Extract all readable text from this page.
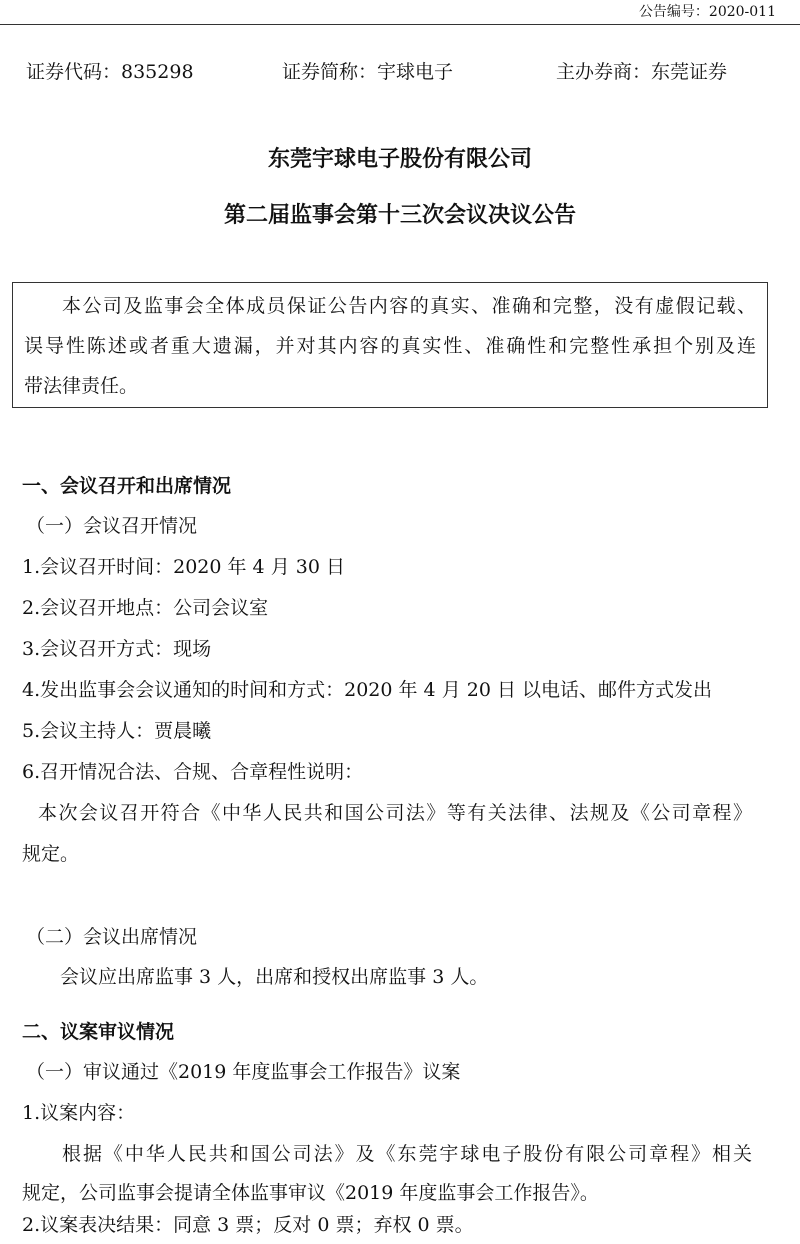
公告编号：2020-011
证券代码：835298	证券简称：宇球电子	主办券商：东莞证券
东莞宇球电子股份有限公司
第二届监事会第十三次会议决议公告
本公司及监事会全体成员保证公告内容的真实、准确和完整，没有虚假记载、
误导性陈述或者重大遗漏，并对其内容的真实性、准确性和完整性承担个别及连
带法律责任。
一、会议召开和出席情况
（一）会议召开情况
1.会议召开时间：2020 年 4 月 30 日
2.会议召开地点：公司会议室
3.会议召开方式：现场
4.发出监事会会议通知的时间和方式：2020 年 4 月 20 日 以电话、邮件方式发出
5.会议主持人：贾晨曦
6.召开情况合法、合规、合章程性说明：
本次会议召开符合《中华人民共和国公司法》等有关法律、法规及《公司章程》
规定。
（二）会议出席情况
会议应出席监事 3 人，出席和授权出席监事 3 人。
二、议案审议情况
（一）审议通过《2019 年度监事会工作报告》议案
1.议案内容：
根据《中华人民共和国公司法》及《东莞宇球电子股份有限公司章程》相关
规定，公司监事会提请全体监事审议《2019 年度监事会工作报告》。
2.议案表决结果：同意 3 票；反对 0 票；弃权 0 票。
